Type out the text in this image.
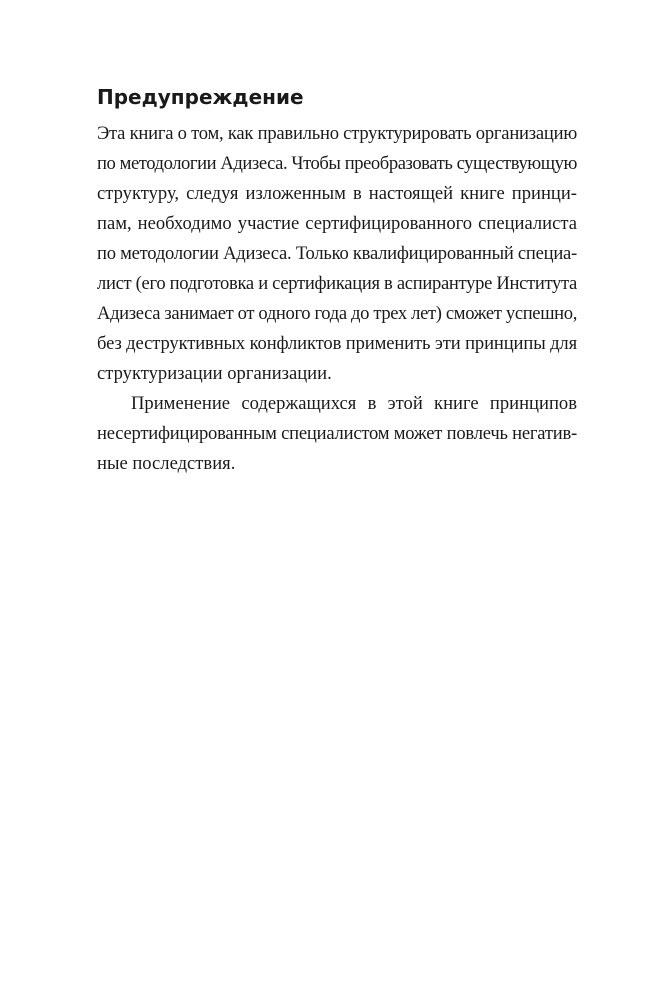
Предупреждение
Эта книга о том, как правильно структурировать организацию
по методологии Адизеса. Чтобы преобразовать существующую
структуру, следуя изложенным в настоящей книге принци-
пам, необходимо участие сертифицированного специалиста
по методологии Адизеса. Только квалифицированный специа-
лист (его подготовка и сертификация в аспирантуре Института
Адизеса занимает от одного года до трех лет) сможет успешно,
без деструктивных конфликтов применить эти принципы для
структуризации организации.
Применение содержащихся в этой книге принципов
несертифицированным специалистом может повлечь негатив-
ные последствия.
